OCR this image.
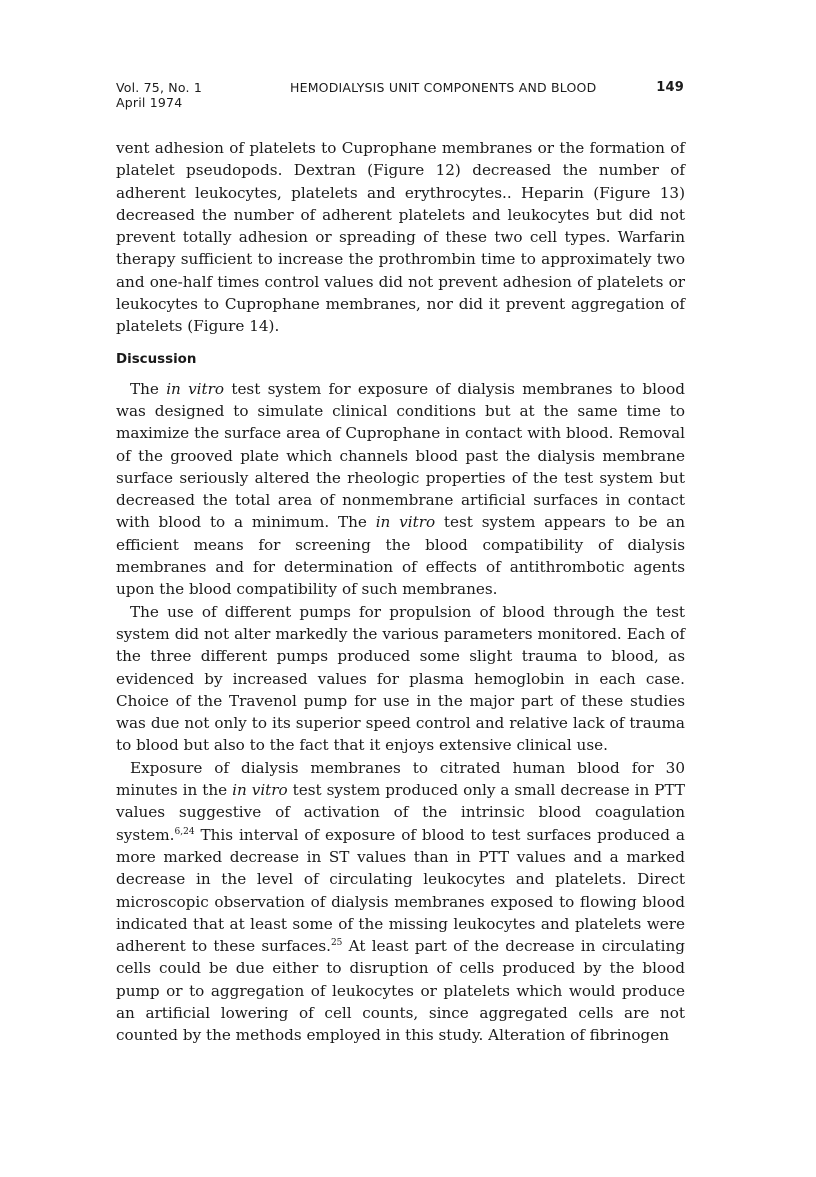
Vol. 75, No. 1
April 1974
HEMODIALYSIS UNIT COMPONENTS AND BLOOD	149

vent adhesion of platelets to Cuprophane membranes or the formation of platelet pseudopods. Dextran (Figure 12) decreased the number of adherent leukocytes, platelets and erythrocytes.. Heparin (Figure 13) decreased the number of adherent platelets and leukocytes but did not prevent totally adhesion or spreading of these two cell types. Warfarin therapy sufficient to increase the prothrombin time to approximately two and one-half times control values did not prevent adhesion of platelets or leukocytes to Cuprophane membranes, nor did it prevent aggregation of platelets (Figure 14).

Discussion

The in vitro test system for exposure of dialysis membranes to blood was designed to simulate clinical conditions but at the same time to maximize the surface area of Cuprophane in contact with blood. Removal of the grooved plate which channels blood past the dialysis membrane surface seriously altered the rheologic properties of the test system but decreased the total area of nonmembrane artificial surfaces in contact with blood to a minimum. The in vitro test system appears to be an efficient means for screening the blood compatibility of dialysis membranes and for determination of effects of antithrombotic agents upon the blood compatibility of such membranes.

The use of different pumps for propulsion of blood through the test system did not alter markedly the various parameters monitored. Each of the three different pumps produced some slight trauma to blood, as evidenced by increased values for plasma hemoglobin in each case. Choice of the Travenol pump for use in the major part of these studies was due not only to its superior speed control and relative lack of trauma to blood but also to the fact that it enjoys extensive clinical use.

Exposure of dialysis membranes to citrated human blood for 30 minutes in the in vitro test system produced only a small decrease in PTT values suggestive of activation of the intrinsic blood coagulation system.$^{6,24}$ This interval of exposure of blood to test surfaces produced a more marked decrease in ST values than in PTT values and a marked decrease in the level of circulating leukocytes and platelets. Direct microscopic observation of dialysis membranes exposed to flowing blood indicated that at least some of the missing leukocytes and platelets were adherent to these surfaces.$^{25}$ At least part of the decrease in circulating cells could be due either to disruption of cells produced by the blood pump or to aggregation of leukocytes or platelets which would produce an artificial lowering of cell counts, since aggregated cells are not counted by the methods employed in this study. Alteration of fibrinogen
